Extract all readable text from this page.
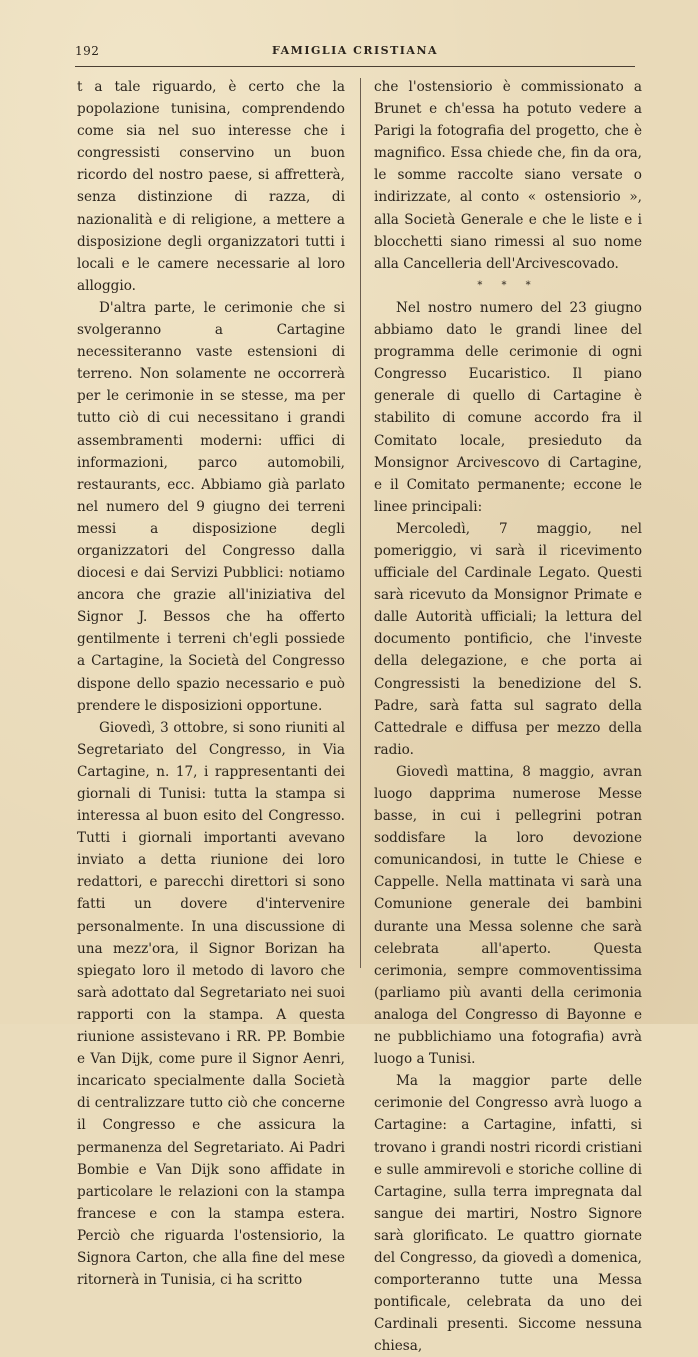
192	FAMIGLIA CRISTIANA

t a tale riguardo, è certo che la popolazione tunisina, comprendendo come sia nel suo interesse che i congressisti conservino un buon ricordo del nostro paese, si affretterà, senza distinzione di razza, di nazionalità e di religione, a mettere a disposizione degli organizzatori tutti i locali e le camere necessarie al loro alloggio.

D'altra parte, le cerimonie che si svolgeranno a Cartagine necessiteranno vaste estensioni di terreno. Non solamente ne occorrerà per le cerimonie in se stesse, ma per tutto ciò di cui necessitano i grandi assembramenti moderni: uffici di informazioni, parco automobili, restaurants, ecc. Abbiamo già parlato nel numero del 9 giugno dei terreni messi a disposizione degli organizzatori del Congresso dalla diocesi e dai Servizi Pubblici: notiamo ancora che grazie all'iniziativa del Signor J. Bessos che ha offerto gentilmente i terreni ch'egli possiede a Cartagine, la Società del Congresso dispone dello spazio necessario e può prendere le disposizioni opportune.

Giovedì, 3 ottobre, si sono riuniti al Segretariato del Congresso, in Via Cartagine, n. 17, i rappresentanti dei giornali di Tunisi: tutta la stampa si interessa al buon esito del Congresso. Tutti i giornali importanti avevano inviato a detta riunione dei loro redattori, e parecchi direttori si sono fatti un dovere d'intervenire personalmente. In una discussione di una mezz'ora, il Signor Borizan ha spiegato loro il metodo di lavoro che sarà adottato dal Segretariato nei suoi rapporti con la stampa. A questa riunione assistevano i RR. PP. Bombie e Van Dijk, come pure il Signor Aenri, incaricato specialmente dalla Società di centralizzare tutto ciò che concerne il Congresso e che assicura la permanenza del Segretariato. Ai Padri Bombie e Van Dijk sono affidate in particolare le relazioni con la stampa francese e con la stampa estera. Perciò che riguarda l'ostensiorio, la Signora Carton, che alla fine del mese ritornerà in Tunisia, ci ha scritto

che l'ostensiorio è commissionato a Brunet e ch'essa ha potuto vedere a Parigi la fotografia del progetto, che è magnifico. Essa chiede che, fin da ora, le somme raccolte siano versate o indirizzate, al conto « ostensiorio », alla Società Generale e che le liste e i blocchetti siano rimessi al suo nome alla Cancelleria dell'Arcivescovado.

* * *

Nel nostro numero del 23 giugno abbiamo dato le grandi linee del programma delle cerimonie di ogni Congresso Eucaristico. Il piano generale di quello di Cartagine è stabilito di comune accordo fra il Comitato locale, presieduto da Monsignor Arcivescovo di Cartagine, e il Comitato permanente; eccone le linee principali:

Mercoledì, 7 maggio, nel pomeriggio, vi sarà il ricevimento ufficiale del Cardinale Legato. Questi sarà ricevuto da Monsignor Primate e dalle Autorità ufficiali; la lettura del documento pontificio, che l'investe della delegazione, e che porta ai Congressisti la benedizione del S. Padre, sarà fatta sul sagrato della Cattedrale e diffusa per mezzo della radio.

Giovedì mattina, 8 maggio, avran luogo dapprima numerose Messe basse, in cui i pellegrini potran soddisfare la loro devozione comunicandosi, in tutte le Chiese e Cappelle. Nella mattinata vi sarà una Comunione generale dei bambini durante una Messa solenne che sarà celebrata all'aperto. Questa cerimonia, sempre commoventissima (parliamo più avanti della cerimonia analoga del Congresso di Bayonne e ne pubblichiamo una fotografia) avrà luogo a Tunisi.

Ma la maggior parte delle cerimonie del Congresso avrà luogo a Cartagine: a Cartagine, infatti, si trovano i grandi nostri ricordi cristiani e sulle ammirevoli e storiche colline di Cartagine, sulla terra impregnata dal sangue dei martiri, Nostro Signore sarà glorificato. Le quattro giornate del Congresso, da giovedì a domenica, comporteranno tutte una Messa pontificale, celebrata da uno dei Cardinali presenti. Siccome nessuna chiesa,
